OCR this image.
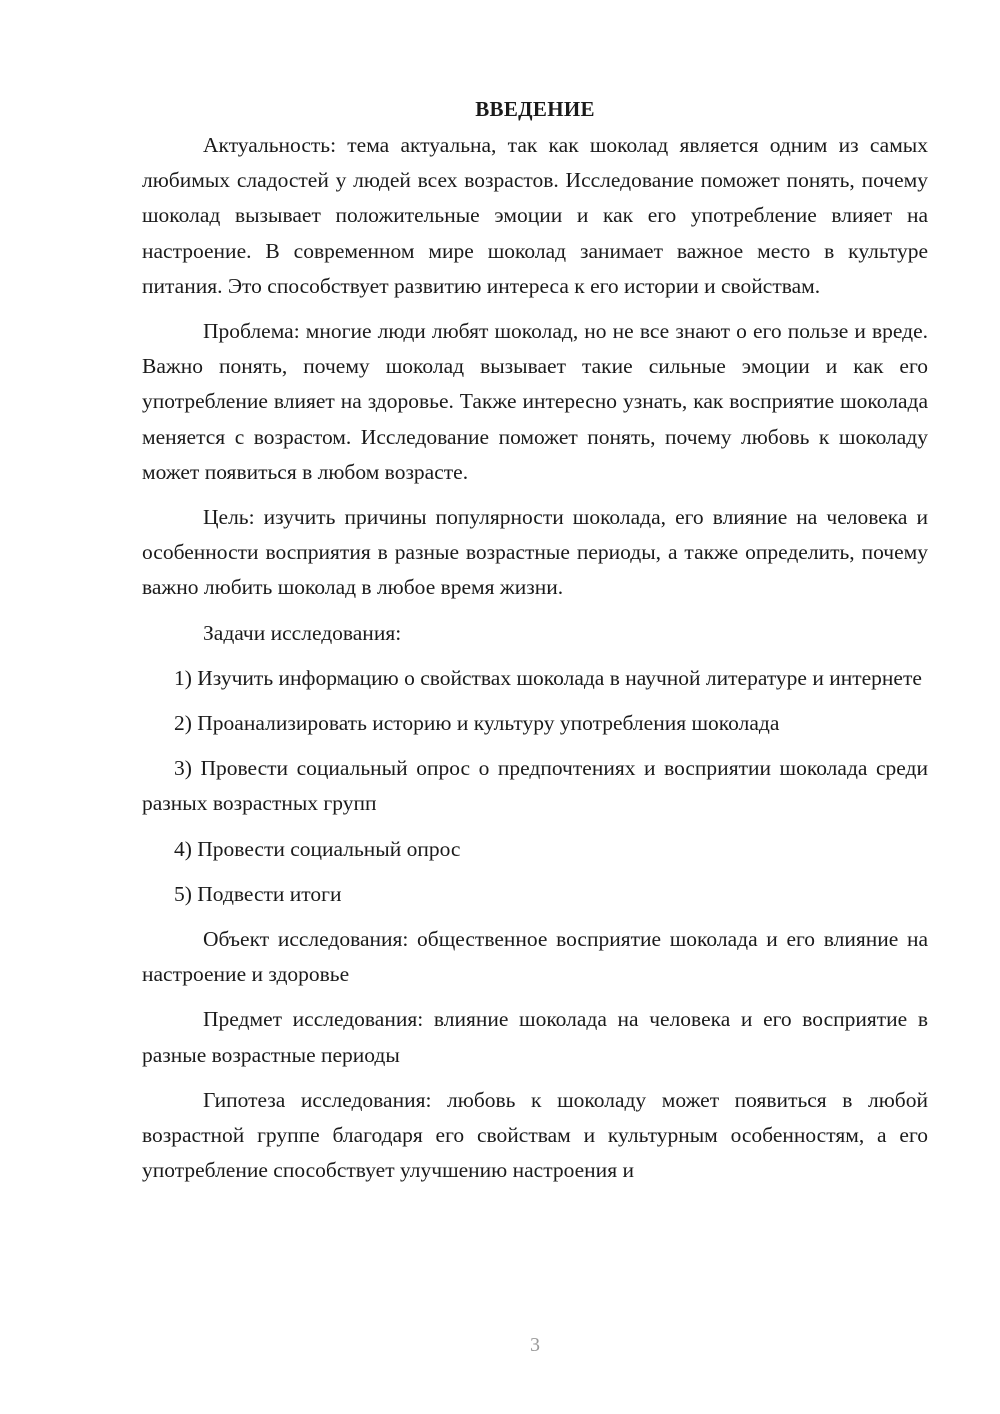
ВВЕДЕНИЕ

Актуальность: тема актуальна, так как шоколад является одним из самых любимых сладостей у людей всех возрастов. Исследование поможет понять, почему шоколад вызывает положительные эмоции и как его употребление влияет на настроение. В современном мире шоколад занимает важное место в культуре питания. Это способствует развитию интереса к его истории и свойствам.

Проблема: многие люди любят шоколад, но не все знают о его пользе и вреде. Важно понять, почему шоколад вызывает такие сильные эмоции и как его употребление влияет на здоровье. Также интересно узнать, как восприятие шоколада меняется с возрастом. Исследование поможет понять, почему любовь к шоколаду может появиться в любом возрасте.

Цель: изучить причины популярности шоколада, его влияние на человека и особенности восприятия в разные возрастные периоды, а также определить, почему важно любить шоколад в любое время жизни.

Задачи исследования:

1) Изучить информацию о свойствах шоколада в научной литературе и интернете

2) Проанализировать историю и культуру употребления шоколада

3) Провести социальный опрос о предпочтениях и восприятии шоколада среди разных возрастных групп

4) Провести социальный опрос

5) Подвести итоги

Объект исследования: общественное восприятие шоколада и его влияние на настроение и здоровье

Предмет исследования: влияние шоколада на человека и его восприятие в разные возрастные периоды

Гипотеза исследования: любовь к шоколаду может появиться в любой возрастной группе благодаря его свойствам и культурным особенностям, а его употребление способствует улучшению настроения и

3
